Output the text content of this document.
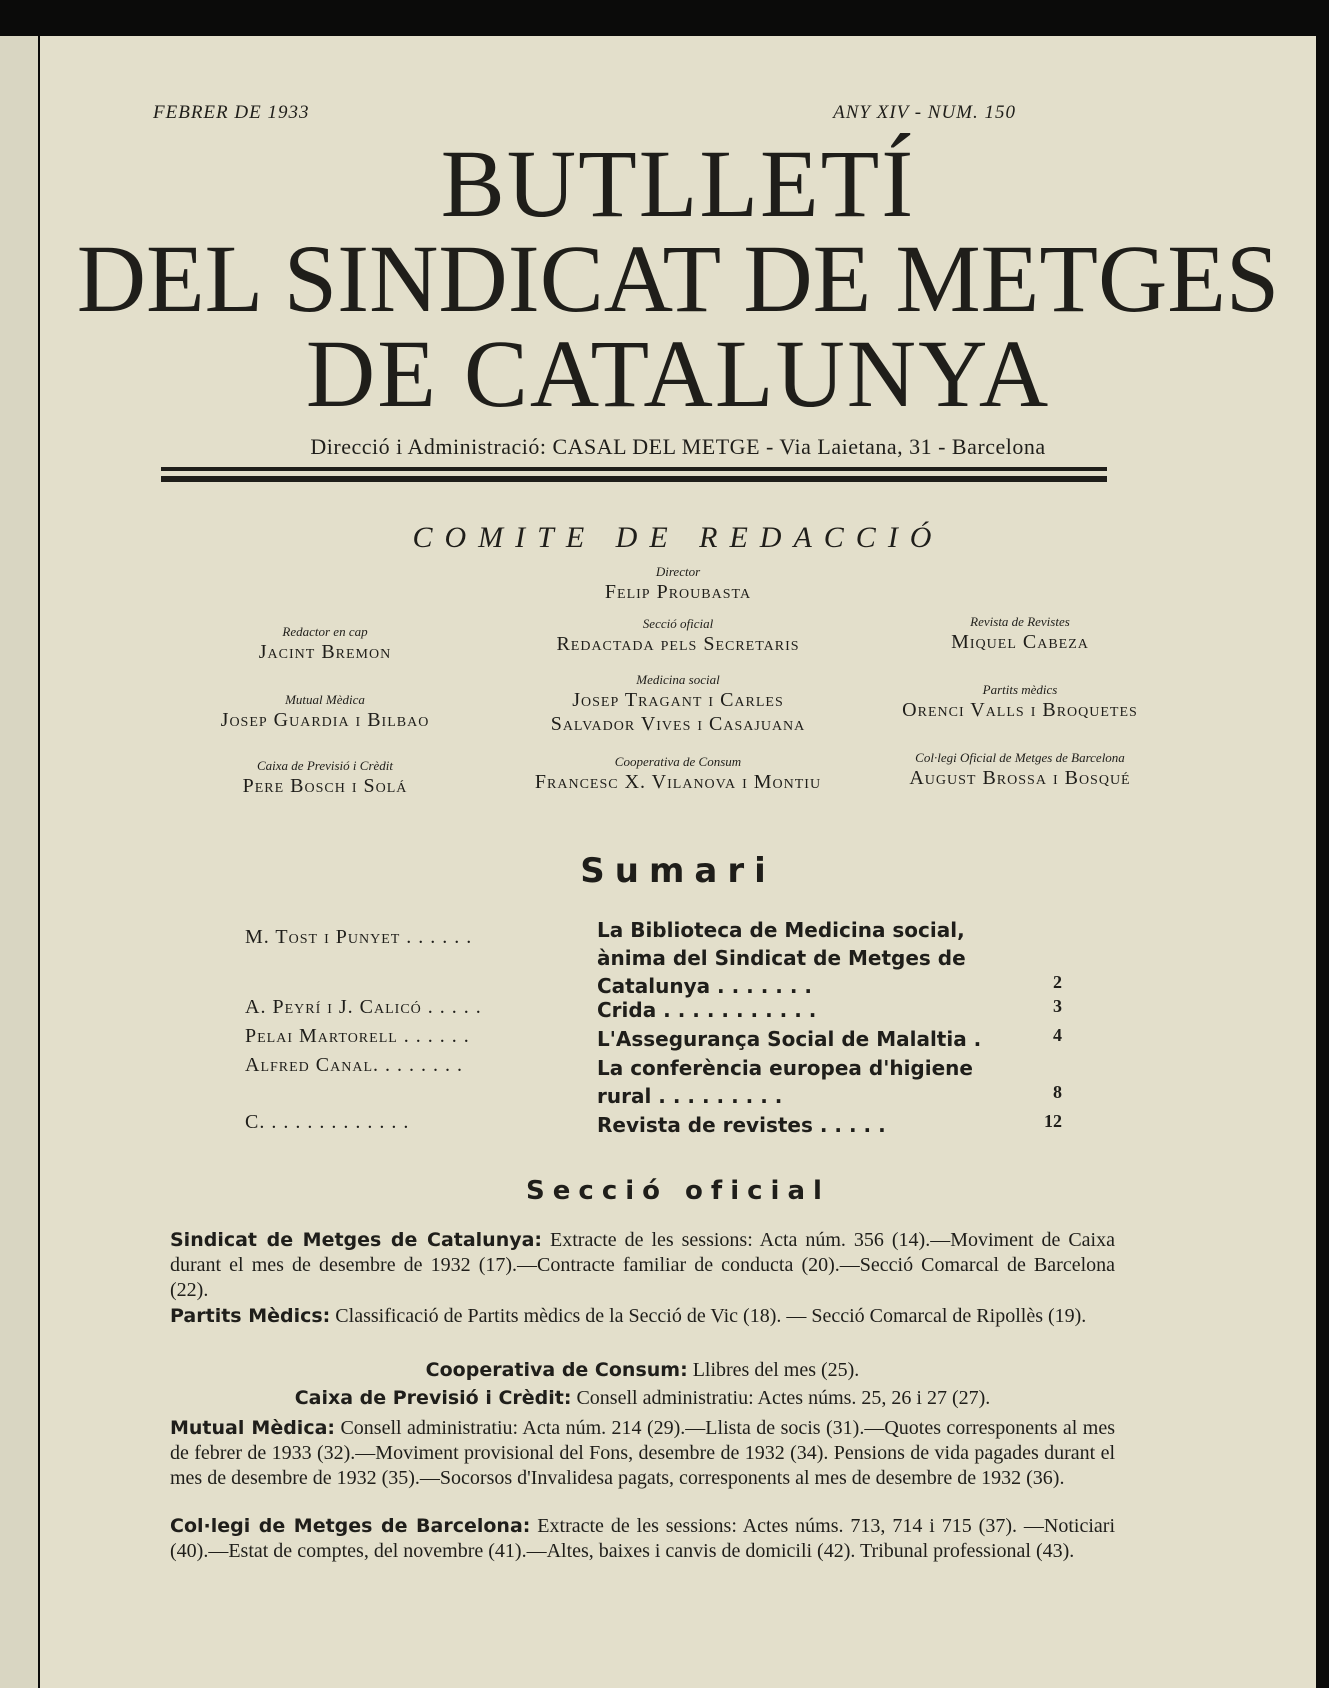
FEBRER DE 1933	ANY XIV - NUM. 150
BUTLLETÍ
DEL SINDICAT DE METGES
DE CATALUNYA
Direcció i Administració: CASAL DEL METGE - Via Laietana, 31 - Barcelona
COMITE DE REDACCIÓ
Director
Felip Proubasta
Redactor en cap
Jacint Bremon
Mutual Mèdica
Josep Guardia i Bilbao
Caixa de Previsió i Crèdit
Pere Bosch i Solá
Secció oficial
Redactada pels Secretaris
Medicina social
Josep Tragant i Carles
Salvador Vives i Casajuana
Cooperativa de Consum
Francesc X. Vilanova i Montiu
Revista de Revistes
Miquel Cabeza
Partits mèdics
Orenci Valls i Broquetes
Col·legi Oficial de Metges de Barcelona
August Brossa i Bosqué
Sumari
M. Tost i Punyet . . . . . .	La Biblioteca de Medicina social, ànima del Sindicat de Metges de Catalunya . . . . . . .	2
A. Peyrí i J. Calicó . . . . .	Crida . . . . . . . . . . .	3
Pelai Martorell . . . . . .	L'Assegurança Social de Malaltia .	4
Alfred Canal. . . . . . . .	La conferència europea d'higiene rural . . . . . . . . .	8
C. . . . . . . . . . . . .	Revista de revistes . . . . .	12
Secció oficial
Sindicat de Metges de Catalunya: Extracte de les sessions: Acta núm. 356 (14).—Moviment de Caixa durant el mes de desembre de 1932 (17).—Contracte familiar de conducta (20).—Secció Comarcal de Barcelona (22).
Partits Mèdics: Classificació de Partits mèdics de la Secció de Vic (18). — Secció Comarcal de Ripollès (19).
Cooperativa de Consum: Llibres del mes (25).
Caixa de Previsió i Crèdit: Consell administratiu: Actes núms. 25, 26 i 27 (27).
Mutual Mèdica: Consell administratiu: Acta núm. 214 (29).—Llista de socis (31).—Quotes corresponents al mes de febrer de 1933 (32).—Moviment provisional del Fons, desembre de 1932 (34). Pensions de vida pagades durant el mes de desembre de 1932 (35).—Socorsos d'Invalidesa pagats, corresponents al mes de desembre de 1932 (36).
Col·legi de Metges de Barcelona: Extracte de les sessions: Actes núms. 713, 714 i 715 (37). —Noticiari (40).—Estat de comptes, del novembre (41).—Altes, baixes i canvis de domicili (42). Tribunal professional (43).
